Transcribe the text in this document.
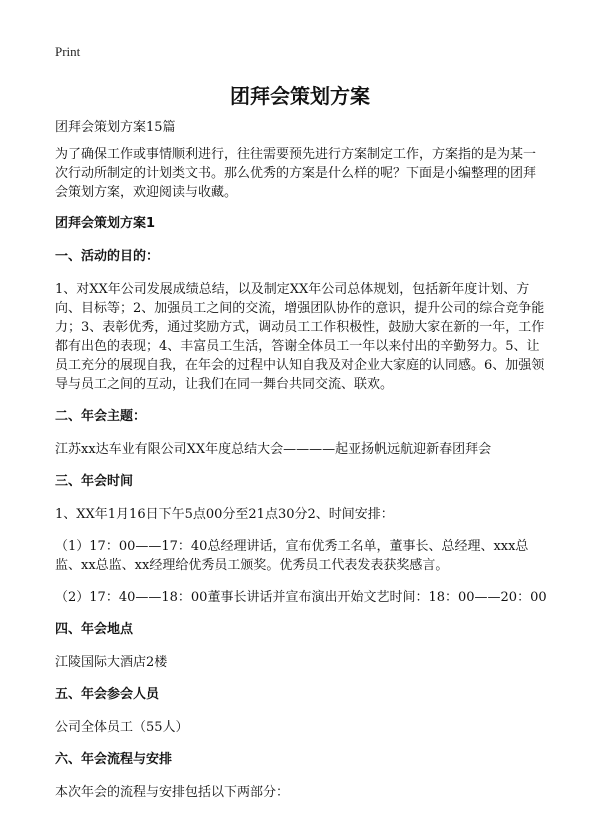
Print
团拜会策划方案

团拜会策划方案15篇

为了确保工作或事情顺利进行，往往需要预先进行方案制定工作，方案指的是为某一次行动所制定的计划类文书。那么优秀的方案是什么样的呢？下面是小编整理的团拜会策划方案，欢迎阅读与收藏。

团拜会策划方案1

一、活动的目的：

1、对XX年公司发展成绩总结，以及制定XX年公司总体规划，包括新年度计划、方向、目标等；2、加强员工之间的交流，增强团队协作的意识，提升公司的综合竞争能力；3、表彰优秀，通过奖励方式，调动员工工作积极性，鼓励大家在新的一年，工作都有出色的表现；4、丰富员工生活，答谢全体员工一年以来付出的辛勤努力。5、让员工充分的展现自我，在年会的过程中认知自我及对企业大家庭的认同感。6、加强领导与员工之间的互动，让我们在同一舞台共同交流、联欢。

二、年会主题：

江苏xx达车业有限公司XX年度总结大会————起亚扬帆远航迎新春团拜会

三、年会时间

1、XX年1月16日下午5点00分至21点30分2、时间安排：

（1）17：00——17：40总经理讲话，宣布优秀工名单，董事长、总经理、xxx总监、xx总监、xx经理给优秀员工颁奖。优秀员工代表发表获奖感言。

（2）17：40——18：00董事长讲话并宣布演出开始文艺时间：18：00——20：00

四、年会地点

江陵国际大酒店2楼

五、年会参会人员

公司全体员工（55人）

六、年会流程与安排

本次年会的流程与安排包括以下两部分：
